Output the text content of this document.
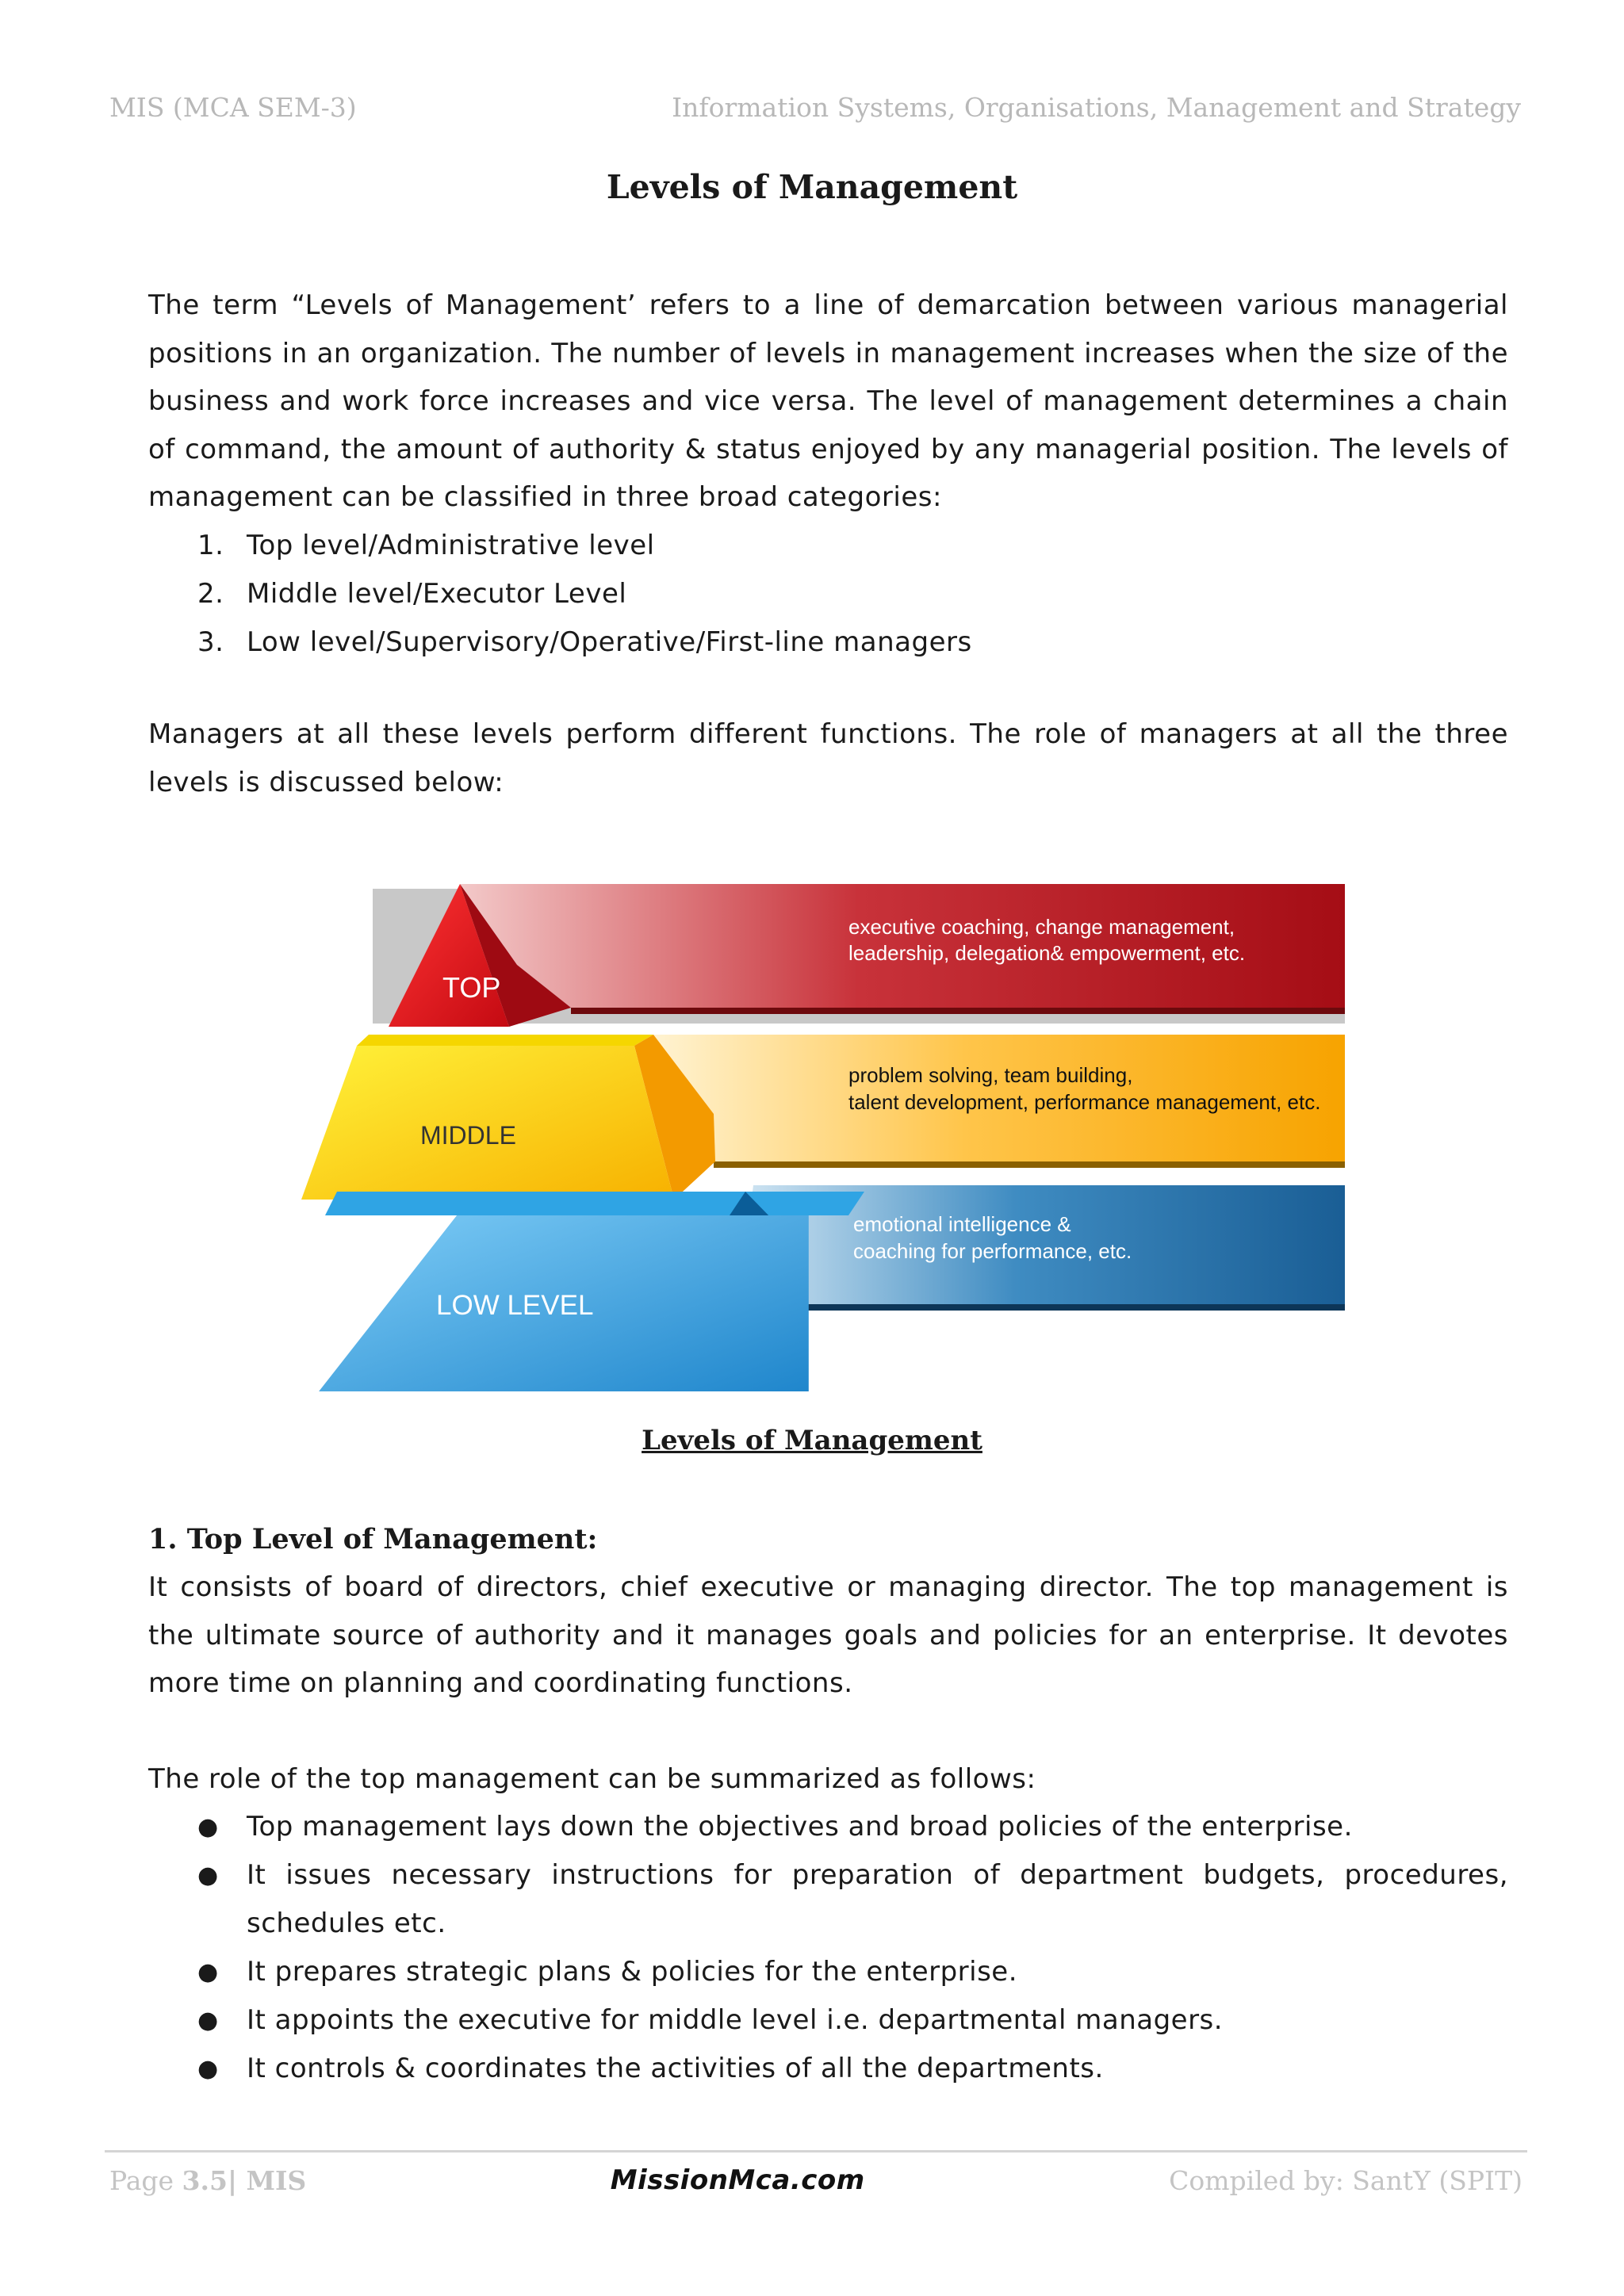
MIS (MCA SEM-3)	Information Systems, Organisations, Management and Strategy
Levels of Management

The term “Levels of Management’ refers to a line of demarcation between various managerial positions in an organization. The number of levels in management increases when the size of the business and work force increases and vice versa. The level of management determines a chain of command, the amount of authority & status enjoyed by any managerial position. The levels of management can be classified in three broad categories:

1. Top level/Administrative level
2. Middle level/Executor Level
3. Low level/Supervisory/Operative/First-line managers

Managers at all these levels perform different functions. The role of managers at all the three levels is discussed below:

TOP
executive coaching, change management,
leadership, delegation& empowerment, etc.
MIDDLE
problem solving, team building,
talent development, performance management, etc.
LOW LEVEL
emotional intelligence &
coaching for performance, etc.
Levels of Management
1. Top Level of Management:

It consists of board of directors, chief executive or managing director. The top management is the ultimate source of authority and it manages goals and policies for an enterprise. It devotes more time on planning and coordinating functions.

The role of the top management can be summarized as follows:

● Top management lays down the objectives and broad policies of the enterprise.
● It issues necessary instructions for preparation of department budgets, procedures, schedules etc.
● It prepares strategic plans & policies for the enterprise.
● It appoints the executive for middle level i.e. departmental managers.
● It controls & coordinates the activities of all the departments.
Page 3.5| MIS	MissionMca.com	Compiled by: SantY (SPIT)
